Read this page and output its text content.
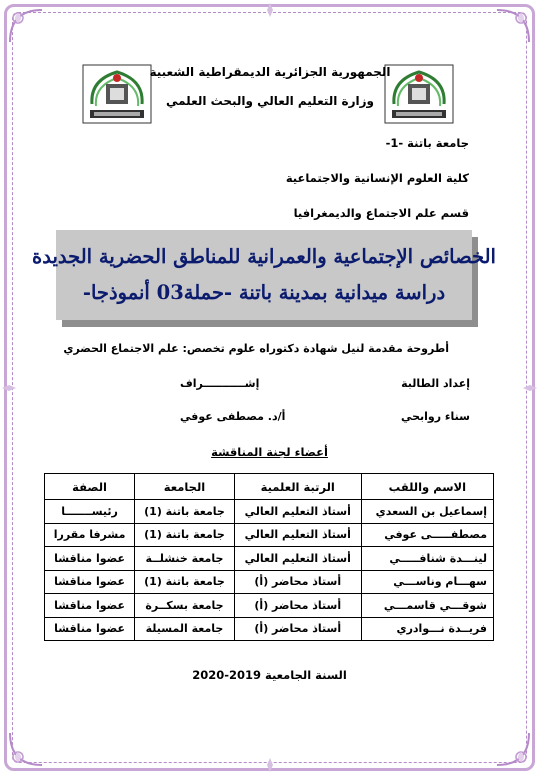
الجمهورية الجزائرية الديمقراطية الشعبية
وزارة التعليم العالي والبحث العلمي
جامعة باتنة -1-
كلية العلوم الإنسانية والاجتماعية
قسم علم الاجتماع والديمغرافيا
الخصائص الإجتماعية والعمرانية للمناطق الحضرية الجديدة
دراسة ميدانية بمدينة باتنة -حملة03 أنموذجا-
أطروحة مقدمة لنيل شهادة دكتوراه علوم تخصص: علم الاجتماع الحضري
إعداد الطالبة
إشـــــــــــراف
سناء روابحي
أ/د. مصطفى عوفي
أعضاء لجنة المناقشة
الاسم واللقب	الرتبة العلمية	الجامعة	الصفة
إسماعيل بن السعدي	أستاذ التعليم العالي	جامعة باتنة (1)	رئيســـــــا
مصطفـــــى عوفي	أستاذ التعليم العالي	جامعة باتنة (1)	مشرفا مقررا
لينـــدة شنافـــــي	أستاذ التعليم العالي	جامعة خنشلــة	عضوا مناقشا
سهـــام وناســـي	أستاذ محاضر (أ)	جامعة باتنة (1)	عضوا مناقشا
شوقـــي قاسمـــي	أستاذ محاضر (أ)	جامعة بسكــرة	عضوا مناقشا
فريــدة نـــوادري	أستاذ محاضر (أ)	جامعة المسيلة	عضوا مناقشا
السنة الجامعية 2019-2020
